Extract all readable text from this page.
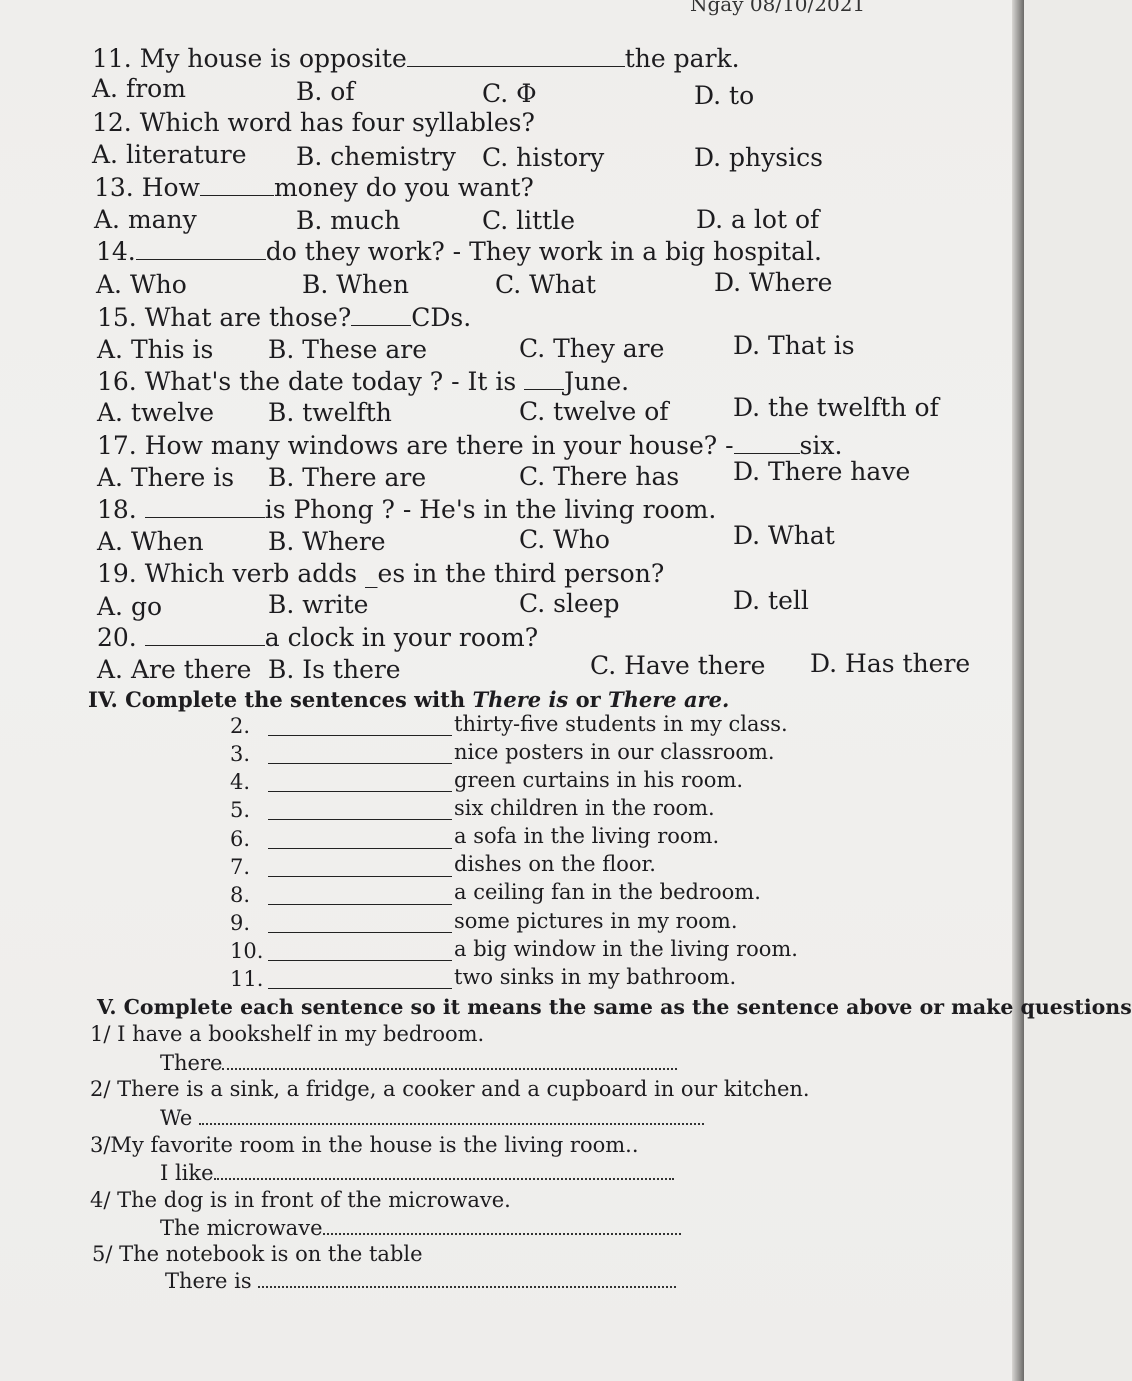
11. My house is opposite	the park.
A. from	B. of	C. Φ	D. to
12. Which word has four syllables?
A. literature B. chemistry C. history	D. physics
13. How	money do you want?
A. many	B. much	C. little	D. a lot of
14.	do they work? - They work in a big hospital.
A. Who	B. When	C. What	D. Where
15. What are those? CDs.
A. This is B. These are	C. They are	D. That is
16. What's the date today ? - It is June.
A. twelve B. twelfth	C. twelve of	D. the twelfth of
17. How many windows are there in your house? -	six.
A. There is B. There are	C. There has D. There have
18.	is Phong ? - He's in the living room.
A. When	B. Where	C. Who	D. What
19. Which verb adds _es in the third person?
A. go	B. write	C. sleep	D. tell
20.	a clock in your room?
A. Are there B. Is there	C. Have there D. Has there
IV. Complete the sentences with There is or There are.
2.	thirty-five students in my class.
3.	nice posters in our classroom.
4.	green curtains in his room.
5.	six children in the room.
6.	a sofa in the living room.
7.	dishes on the floor.
8.	a ceiling fan in the bedroom.
9.	some pictures in my room.
10.	a big window in the living room.
11.	two sinks in my bathroom.
V. Complete each sentence so it means the same as the sentence above or make questions
1/ I have a bookshelf in my bedroom.
There
2/ There is a sink, a fridge, a cooker and a cupboard in our kitchen.
We
3/My favorite room in the house is the living room..
I like
4/ The dog is in front of the microwave.
The microwave
5/ The notebook is on the table
There is
